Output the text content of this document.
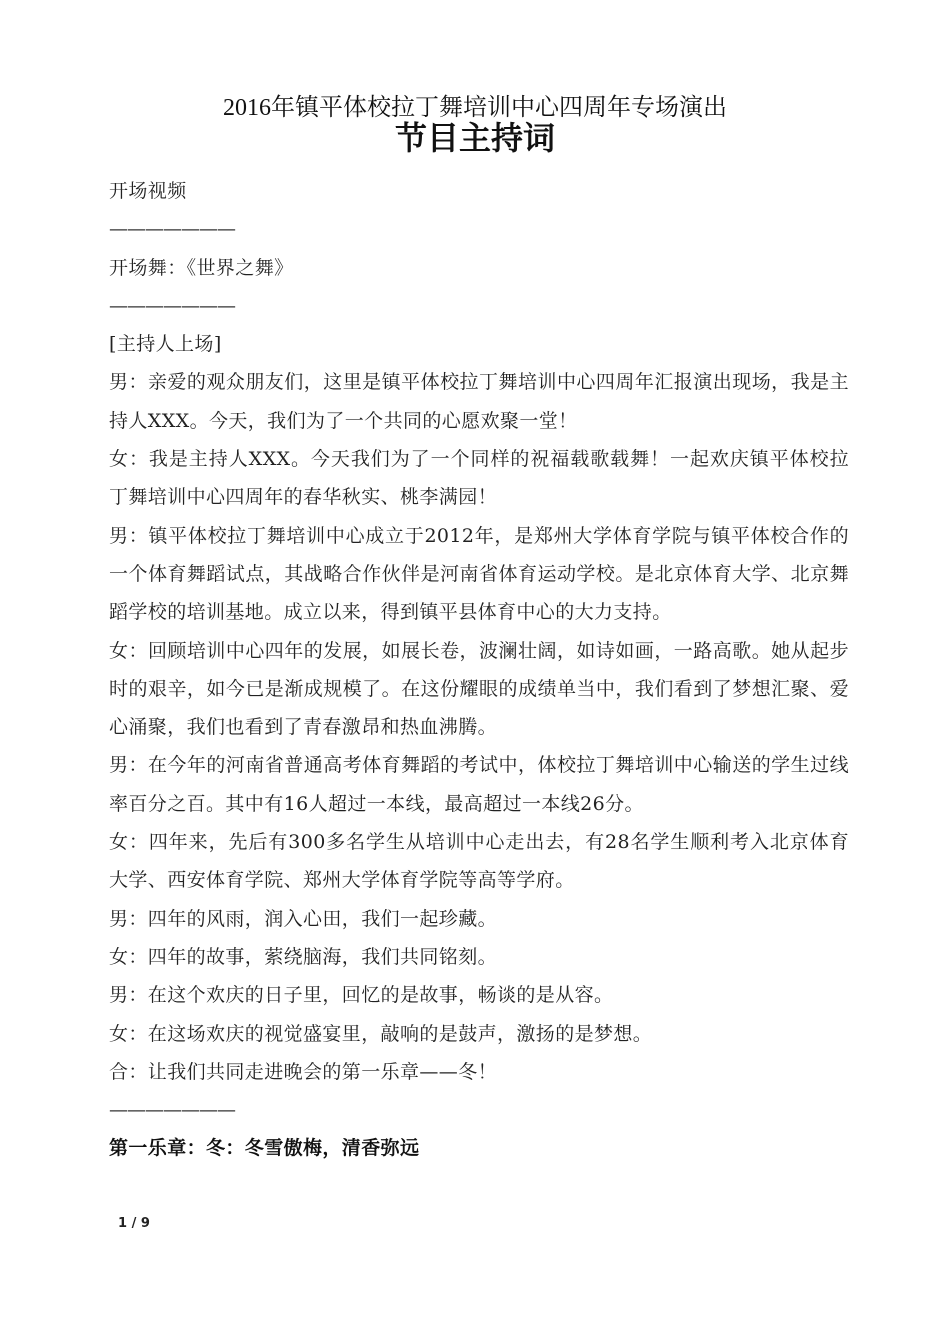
2016年镇平体校拉丁舞培训中心四周年专场演出
节目主持词

开场视频

———————

开场舞：《世界之舞》

———————

[主持人上场]

男：亲爱的观众朋友们，这里是镇平体校拉丁舞培训中心四周年汇报演出现场，我是主持人XXX。今天，我们为了一个共同的心愿欢聚一堂！

女：我是主持人XXX。今天我们为了一个同样的祝福载歌载舞！一起欢庆镇平体校拉丁舞培训中心四周年的春华秋实、桃李满园！

男：镇平体校拉丁舞培训中心成立于2012年，是郑州大学体育学院与镇平体校合作的一个体育舞蹈试点，其战略合作伙伴是河南省体育运动学校。是北京体育大学、北京舞蹈学校的培训基地。成立以来，得到镇平县体育中心的大力支持。

女：回顾培训中心四年的发展，如展长卷，波澜壮阔，如诗如画，一路高歌。她从起步时的艰辛，如今已是渐成规模了。在这份耀眼的成绩单当中，我们看到了梦想汇聚、爱心涌聚，我们也看到了青春激昂和热血沸腾。

男：在今年的河南省普通高考体育舞蹈的考试中，体校拉丁舞培训中心输送的学生过线率百分之百。其中有16人超过一本线，最高超过一本线26分。

女：四年来，先后有300多名学生从培训中心走出去，有28名学生顺利考入北京体育大学、西安体育学院、郑州大学体育学院等高等学府。

男：四年的风雨，润入心田，我们一起珍藏。

女：四年的故事，萦绕脑海，我们共同铭刻。

男：在这个欢庆的日子里，回忆的是故事，畅谈的是从容。

女：在这场欢庆的视觉盛宴里，敲响的是鼓声，激扬的是梦想。

合：让我们共同走进晚会的第一乐章——冬！

———————

第一乐章：冬：冬雪傲梅，清香弥远

1 / 9
